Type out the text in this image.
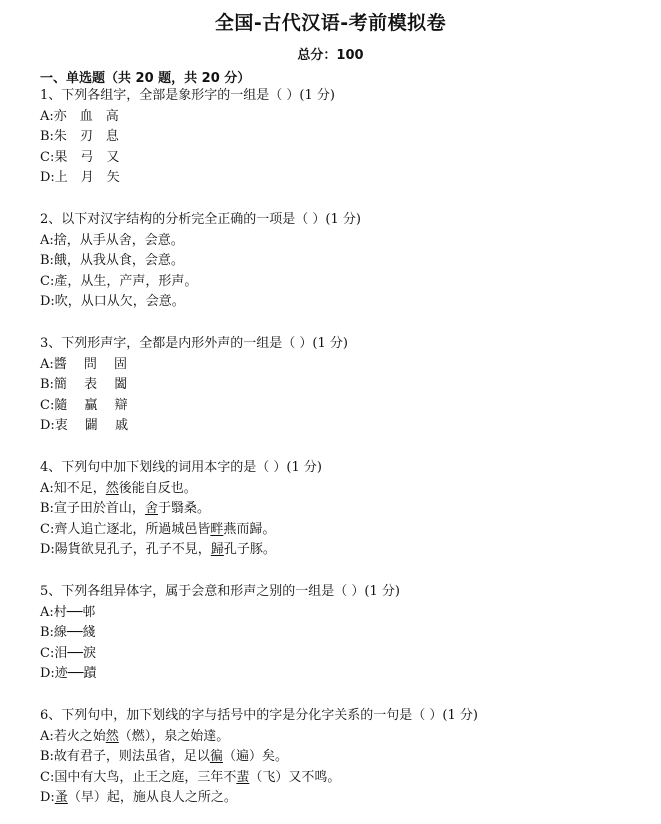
全国-古代汉语-考前模拟卷
总分：100
一、单选题（共 20 题，共 20 分）
1、下列各组字，全部是象形字的一组是（ ）(1 分)
A:亦　血　高
B:朱　刃　息
C:果　弓　又
D:上　月　矢
2、以下对汉字结构的分析完全正确的一项是（ ）(1 分)
A:捨，从手从舍，会意。
B:餓，从我从食，会意。
C:產，从生，产声，形声。
D:吹，从口从欠，会意。
3、下列形声字，全都是内形外声的一组是（ ）(1 分)
A:醬　 問　 固
B:簡　 表　 闔
C:隨　 贏　 辯
D:衷　 闢　 戚
4、下列句中加下划线的词用本字的是（ ）(1 分)
A:知不足，然後能自反也。
B:宣子田於首山，舍于翳桑。
C:齊人追亡逐北，所過城邑皆畔燕而歸。
D:陽貨欲見孔子，孔子不見，歸孔子豚。
5、下列各组异体字，属于会意和形声之别的一组是（ ）(1 分)
A:村──邨
B:線──綫
C:泪──淚
D:迹──蹟
6、下列句中，加下划线的字与括号中的字是分化字关系的一句是（ ）(1 分)
A:若火之始然（燃），泉之始達。
B:故有君子，则法虽省，足以徧（遍）矣。
C:国中有大鸟，止王之庭，三年不蜚（飞）又不鸣。
D:蚤（早）起，施从良人之所之。
